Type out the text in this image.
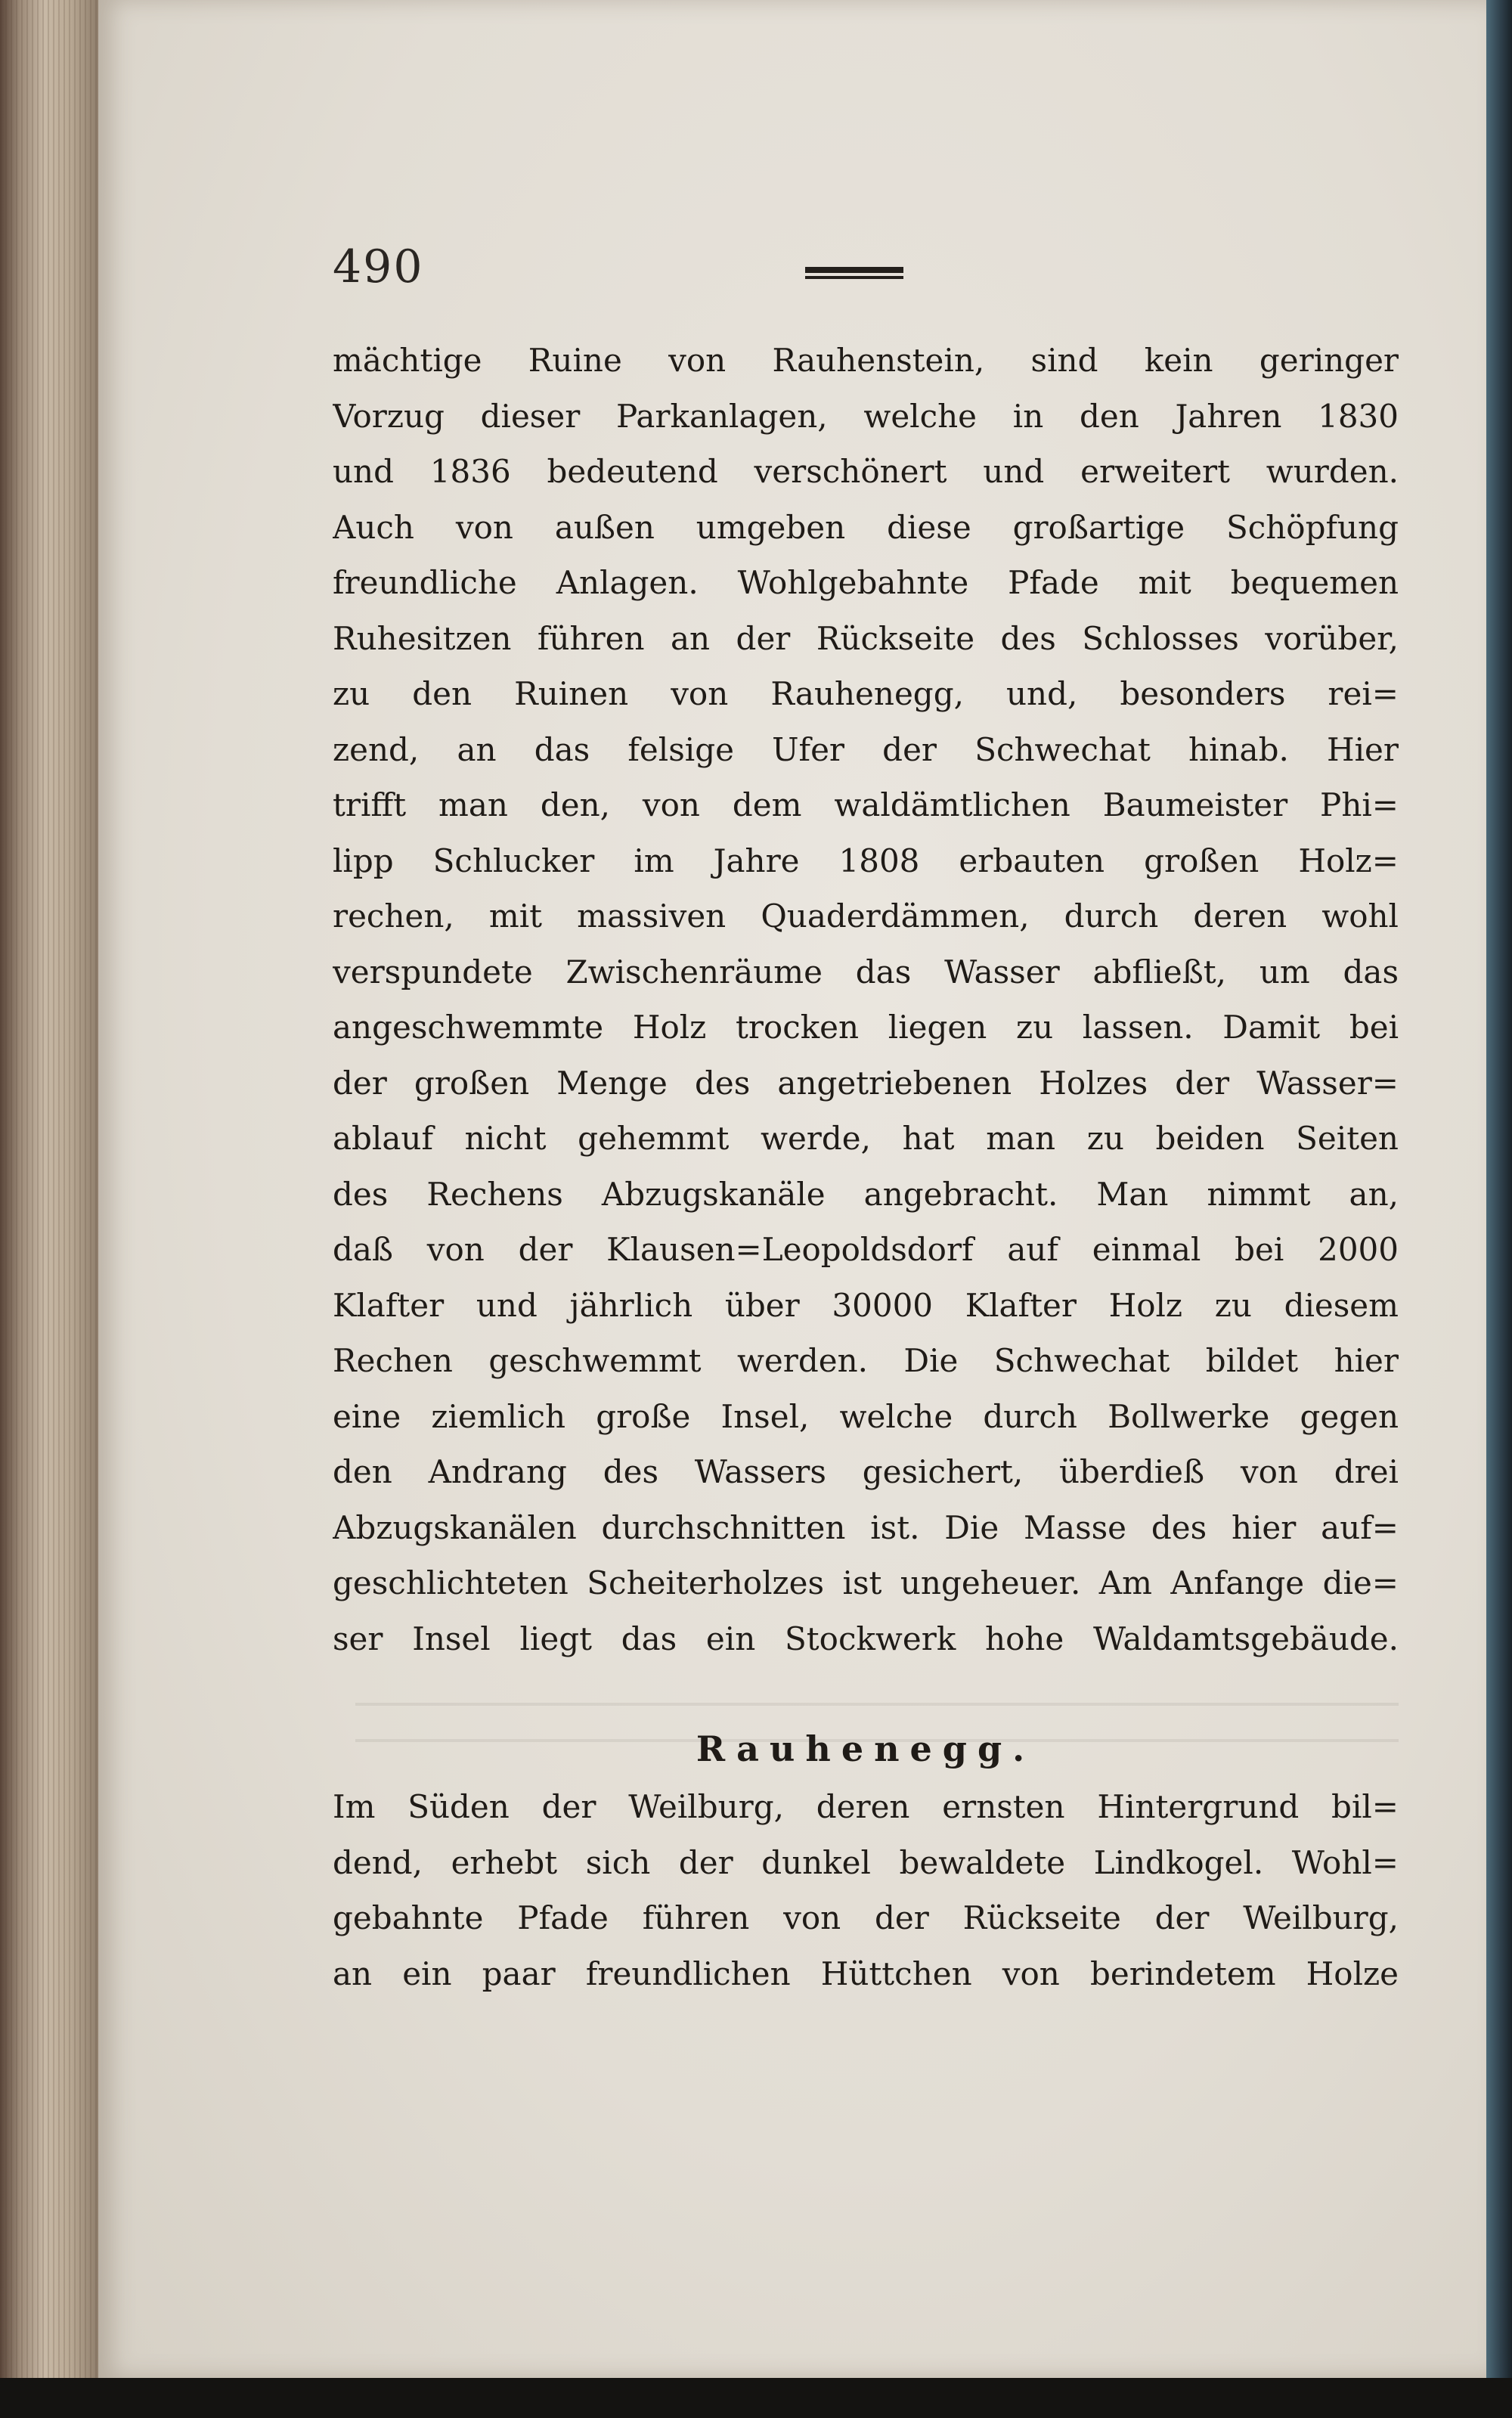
490
mächtige Ruine von Rauhenstein, sind kein geringer
Vorzug dieser Parkanlagen, welche in den Jahren 1830
und 1836 bedeutend verschönert und erweitert wurden.
Auch von außen umgeben diese großartige Schöpfung
freundliche Anlagen. Wohlgebahnte Pfade mit bequemen
Ruhesitzen führen an der Rückseite des Schlosses vorüber,
zu den Ruinen von Rauhenegg, und, besonders rei=
zend, an das felsige Ufer der Schwechat hinab. Hier
trifft man den, von dem waldämtlichen Baumeister Phi=
lipp Schlucker im Jahre 1808 erbauten großen Holz=
rechen, mit massiven Quaderdämmen, durch deren wohl
verspundete Zwischenräume das Wasser abfließt, um das
angeschwemmte Holz trocken liegen zu lassen. Damit bei
der großen Menge des angetriebenen Holzes der Wasser=
ablauf nicht gehemmt werde, hat man zu beiden Seiten
des Rechens Abzugskanäle angebracht. Man nimmt an,
daß von der Klausen=Leopoldsdorf auf einmal bei 2000
Klafter und jährlich über 30000 Klafter Holz zu diesem
Rechen geschwemmt werden. Die Schwechat bildet hier
eine ziemlich große Insel, welche durch Bollwerke gegen
den Andrang des Wassers gesichert, überdieß von drei
Abzugskanälen durchschnitten ist. Die Masse des hier auf=
geschlichteten Scheiterholzes ist ungeheuer. Am Anfange die=
ser Insel liegt das ein Stockwerk hohe Waldamtsgebäude.
Rauhenegg.
Im Süden der Weilburg, deren ernsten Hintergrund bil=
dend, erhebt sich der dunkel bewaldete Lindkogel. Wohl=
gebahnte Pfade führen von der Rückseite der Weilburg,
an ein paar freundlichen Hüttchen von berindetem Holze
